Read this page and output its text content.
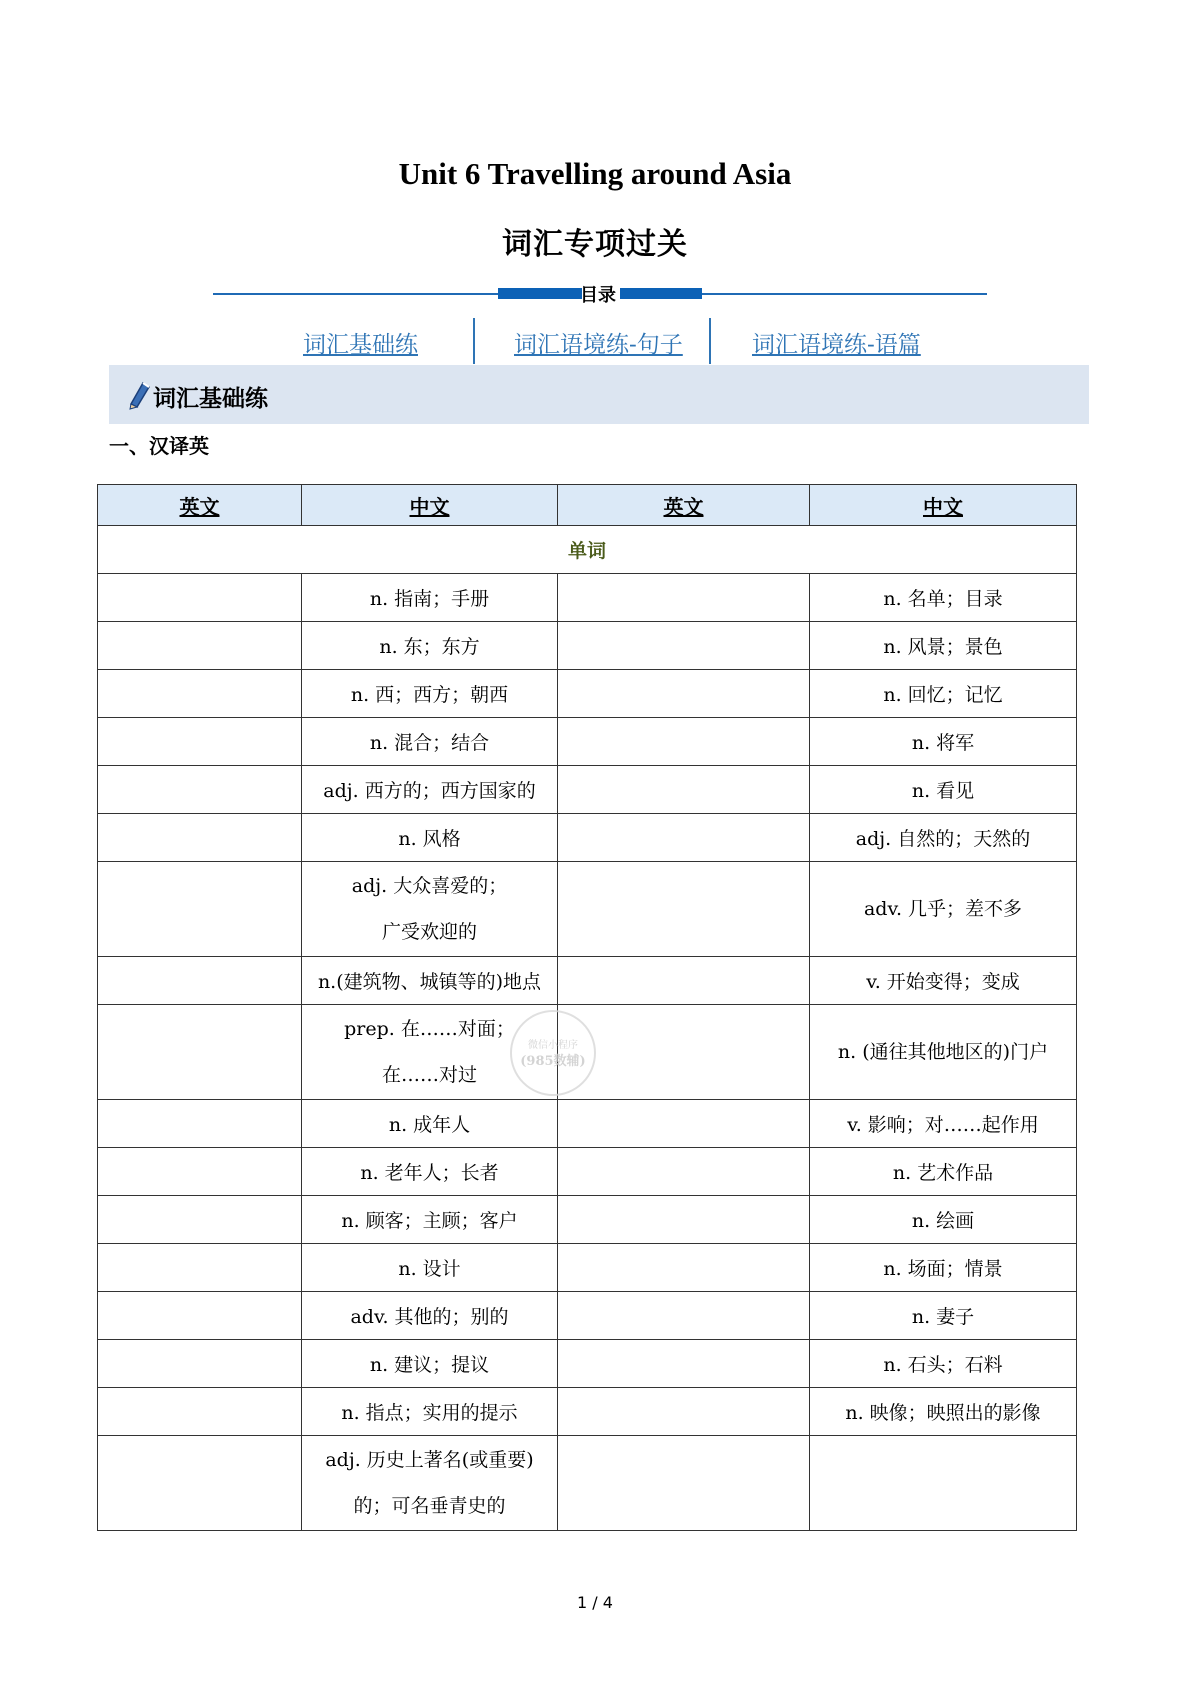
Unit 6 Travelling around Asia
词汇专项过关
目录
词汇基础练	词汇语境练-句子	词汇语境练-语篇
词汇基础练
一、汉译英
英文	中文	英文	中文
单词			
	n. 指南；手册		n. 名单；目录
	n. 东；东方		n. 风景；景色
	n. 西；西方；朝西		n. 回忆；记忆
	n. 混合；结合		n. 将军
	adj. 西方的；西方国家的		n. 看见
	n. 风格		adj. 自然的；天然的

	adj. 大众喜爱的；
广受欢迎的		adv. 几乎；差不多
	n.(建筑物、城镇等的)地点		v. 开始变得；变成

	prep. 在……对面；
在……对过		n. (通往其他地区的)门户
	n. 成年人		v. 影响；对……起作用
	n. 老年人；长者		n. 艺术作品
	n. 顾客；主顾；客户		n. 绘画
	n. 设计		n. 场面；情景
	adv. 其他的；别的		n. 妻子
	n. 建议；提议		n. 石头；石料
	n. 指点；实用的提示		n. 映像；映照出的影像

	adj. 历史上著名(或重要)
的；可名垂青史的		

微信小程序
(985数辅)
1 / 4
